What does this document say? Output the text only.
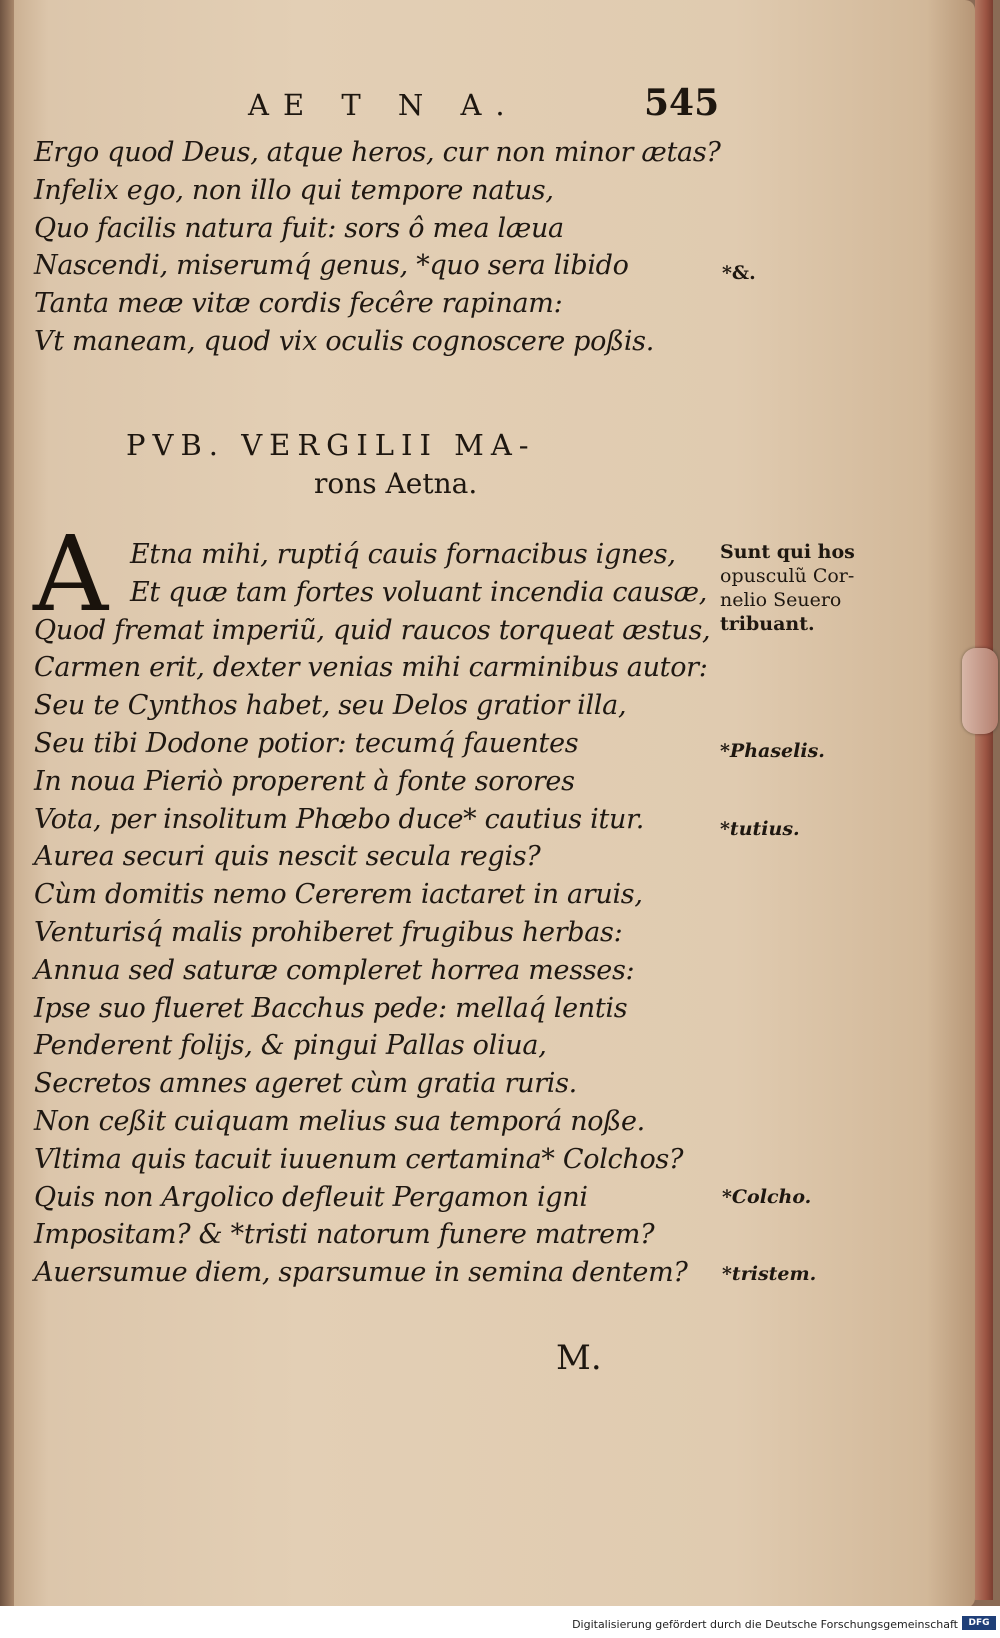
AE T N A.	545
Ergo quod Deus, atque heros, cur non minor ætas?
Infelix ego, non illo qui tempore natus,
Quo facilis natura fuit: sors ô mea læua
Nascendi, miserumq́ genus, *quo sera libido
Tanta meæ vitæ cordis fecêre rapinam:
Vt maneam, quod vix oculis cognoscere poßis.
*&.
PVB. VERGILII MA-
rons Aetna.
A Etna mihi, ruptiq́ cauis fornacibus ignes,
Et quæ tam fortes voluant incendia causæ,
Quod fremat imperiũ, quid raucos torqueat æstus,
Carmen erit, dexter venias mihi carminibus autor:
Seu te Cynthos habet, seu Delos gratior illa,
Seu tibi Dodone potior: tecumq́ fauentes
In noua Pieriò properent à fonte sorores
Vota, per insolitum Phœbo duce* cautius itur.
Aurea securi quis nescit secula regis?
Cùm domitis nemo Cererem iactaret in aruis,
Venturisq́ malis prohiberet frugibus herbas:
Annua sed saturæ compleret horrea messes:
Ipse suo flueret Bacchus pede: mellaq́ lentis
Penderent folijs, & pingui Pallas oliua,
Secretos amnes ageret cùm gratia ruris.
Non ceßit cuiquam melius sua temporá noße.
Vltima quis tacuit iuuenum certamina* Colchos?
Quis non Argolico defleuit Pergamon igni
Impositam? & *tristi natorum funere matrem?
Auersumue diem, sparsumue in semina dentem?
Sunt qui hos
opusculũ Cor-
nelio Seuero
tribuant.
*Phaselis.
*tutius.
*Colcho.
*tristem.
M.
Digitalisierung gefördert durch die Deutsche Forschungsgemeinschaft	DFG
